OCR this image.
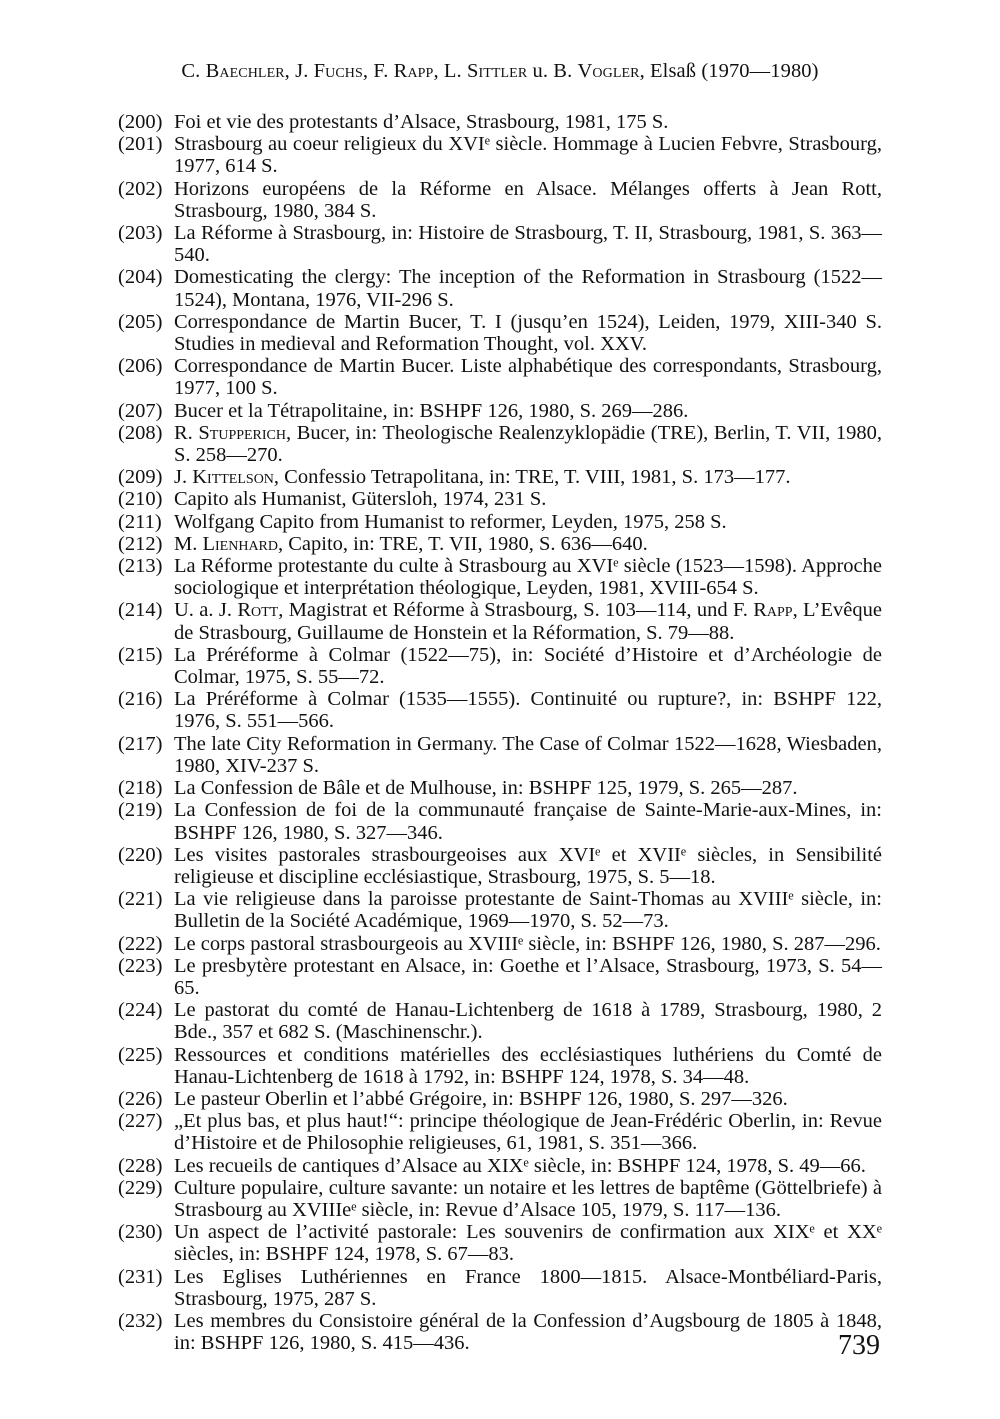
C. Baechler, J. Fuchs, F. Rapp, L. Sittler u. B. Vogler, Elsaß (1970—1980)
(200) Foi et vie des protestants d’Alsace, Strasbourg, 1981, 175 S.
(201) Strasbourg au coeur religieux du XVIᵉ siècle. Hommage à Lucien Febvre, Strasbourg, 1977, 614 S.
(202) Horizons européens de la Réforme en Alsace. Mélanges offerts à Jean Rott, Strasbourg, 1980, 384 S.
(203) La Réforme à Strasbourg, in: Histoire de Strasbourg, T. II, Strasbourg, 1981, S. 363—540.
(204) Domesticating the clergy: The inception of the Reformation in Strasbourg (1522—1524), Montana, 1976, VII-296 S.
(205) Correspondance de Martin Bucer, T. I (jusqu’en 1524), Leiden, 1979, XIII-340 S. Studies in medieval and Reformation Thought, vol. XXV.
(206) Correspondance de Martin Bucer. Liste alphabétique des correspondants, Strasbourg, 1977, 100 S.
(207) Bucer et la Tétrapolitaine, in: BSHPF 126, 1980, S. 269—286.
(208) R. Stupperich, Bucer, in: Theologische Realenzyklopädie (TRE), Berlin, T. VII, 1980, S. 258—270.
(209) J. Kittelson, Confessio Tetrapolitana, in: TRE, T. VIII, 1981, S. 173—177.
(210) Capito als Humanist, Gütersloh, 1974, 231 S.
(211) Wolfgang Capito from Humanist to reformer, Leyden, 1975, 258 S.
(212) M. Lienhard, Capito, in: TRE, T. VII, 1980, S. 636—640.
(213) La Réforme protestante du culte à Strasbourg au XVIᵉ siècle (1523—1598). Approche sociologique et interprétation théologique, Leyden, 1981, XVIII-654 S.
(214) U. a. J. Rott, Magistrat et Réforme à Strasbourg, S. 103—114, und F. Rapp, L’Evêque de Strasbourg, Guillaume de Honstein et la Réformation, S. 79—88.
(215) La Préréforme à Colmar (1522—75), in: Société d’Histoire et d’Archéologie de Colmar, 1975, S. 55—72.
(216) La Préréforme à Colmar (1535—1555). Continuité ou rupture?, in: BSHPF 122, 1976, S. 551—566.
(217) The late City Reformation in Germany. The Case of Colmar 1522—1628, Wiesbaden, 1980, XIV-237 S.
(218) La Confession de Bâle et de Mulhouse, in: BSHPF 125, 1979, S. 265—287.
(219) La Confession de foi de la communauté française de Sainte-Marie-aux-Mines, in: BSHPF 126, 1980, S. 327—346.
(220) Les visites pastorales strasbourgeoises aux XVIᵉ et XVIIᵉ siècles, in Sensibilité religieuse et discipline ecclésiastique, Strasbourg, 1975, S. 5—18.
(221) La vie religieuse dans la paroisse protestante de Saint-Thomas au XVIIIᵉ siècle, in: Bulletin de la Société Académique, 1969—1970, S. 52—73.
(222) Le corps pastoral strasbourgeois au XVIIIᵉ siècle, in: BSHPF 126, 1980, S. 287—296.
(223) Le presbytère protestant en Alsace, in: Goethe et l’Alsace, Strasbourg, 1973, S. 54—65.
(224) Le pastorat du comté de Hanau-Lichtenberg de 1618 à 1789, Strasbourg, 1980, 2 Bde., 357 et 682 S. (Maschinenschr.).
(225) Ressources et conditions matérielles des ecclésiastiques luthériens du Comté de Hanau-Lichtenberg de 1618 à 1792, in: BSHPF 124, 1978, S. 34—48.
(226) Le pasteur Oberlin et l’abbé Grégoire, in: BSHPF 126, 1980, S. 297—326.
(227) „Et plus bas, et plus haut!“: principe théologique de Jean-Frédéric Oberlin, in: Revue d’Histoire et de Philosophie religieuses, 61, 1981, S. 351—366.
(228) Les recueils de cantiques d’Alsace au XIXᵉ siècle, in: BSHPF 124, 1978, S. 49—66.
(229) Culture populaire, culture savante: un notaire et les lettres de baptême (Göttelbriefe) à Strasbourg au XVIIIeᵉ siècle, in: Revue d’Alsace 105, 1979, S. 117—136.
(230) Un aspect de l’activité pastorale: Les souvenirs de confirmation aux XIXᵉ et XXᵉ siècles, in: BSHPF 124, 1978, S. 67—83.
(231) Les Eglises Luthériennes en France 1800—1815. Alsace-Montbéliard-Paris, Strasbourg, 1975, 287 S.
(232) Les membres du Consistoire général de la Confession d’Augsbourg de 1805 à 1848, in: BSHPF 126, 1980, S. 415—436.	739
